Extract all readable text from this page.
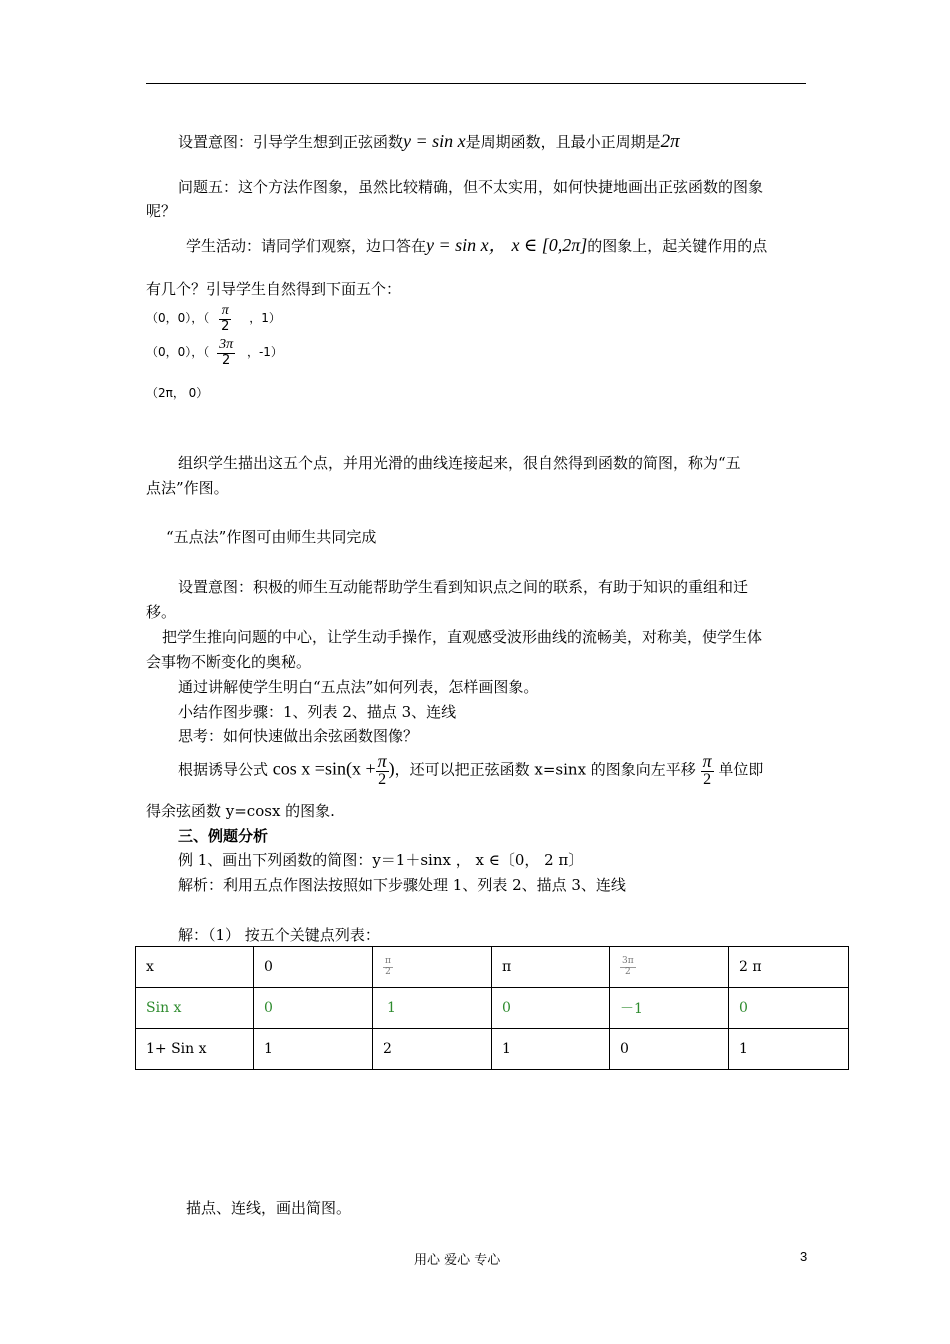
设置意图：引导学生想到正弦函数y = sin x是周期函数，且最小正周期是2π
问题五：这个方法作图象，虽然比较精确，但不太实用，如何快捷地画出正弦函数的图象
呢？
学生活动：请同学们观察，边口答在y = sin x， x ∈ [0,2π]的图象上，起关键作用的点
有几个？引导学生自然得到下面五个：
（0，0），（ $\frac{\pi}{2}$ ，1）
（0，0），（ $\frac{3\pi}{2}$ ，-1）
（2π， 0）
组织学生描出这五个点，并用光滑的曲线连接起来，很自然得到函数的简图，称为“五
点法”作图。
“五点法”作图可由师生共同完成
设置意图：积极的师生互动能帮助学生看到知识点之间的联系，有助于知识的重组和迁
移。
把学生推向问题的中心，让学生动手操作，直观感受波形曲线的流畅美，对称美，使学生体
会事物不断变化的奥秘。
通过讲解使学生明白“五点法”如何列表，怎样画图象。
小结作图步骤：1、列表 2、描点 3、连线
思考：如何快速做出余弦函数图像？
根据诱导公式 $\cos x =\sin(x + \frac{\pi}{2}$ )，还可以把正弦函数 x=sinx 的图象向左平移 $\frac{\pi}{2}$ 单位即
得余弦函数 y=cosx 的图象.
三、例题分析
例 1、画出下列函数的简图：y＝1＋sinx ， x ∈〔0， 2 π〕
解析：利用五点作图法按照如下步骤处理 1、列表 2、描点 3、连线
解：（1） 按五个关键点列表：
x	0	$\frac{\pi}{2}$	π	$\frac{3\pi}{2}$	2 π
Sin x	0	1	0	－1	0
1+ Sin x	1	2	1	0	1
描点、连线，画出简图。
用心 爱心 专心	3
